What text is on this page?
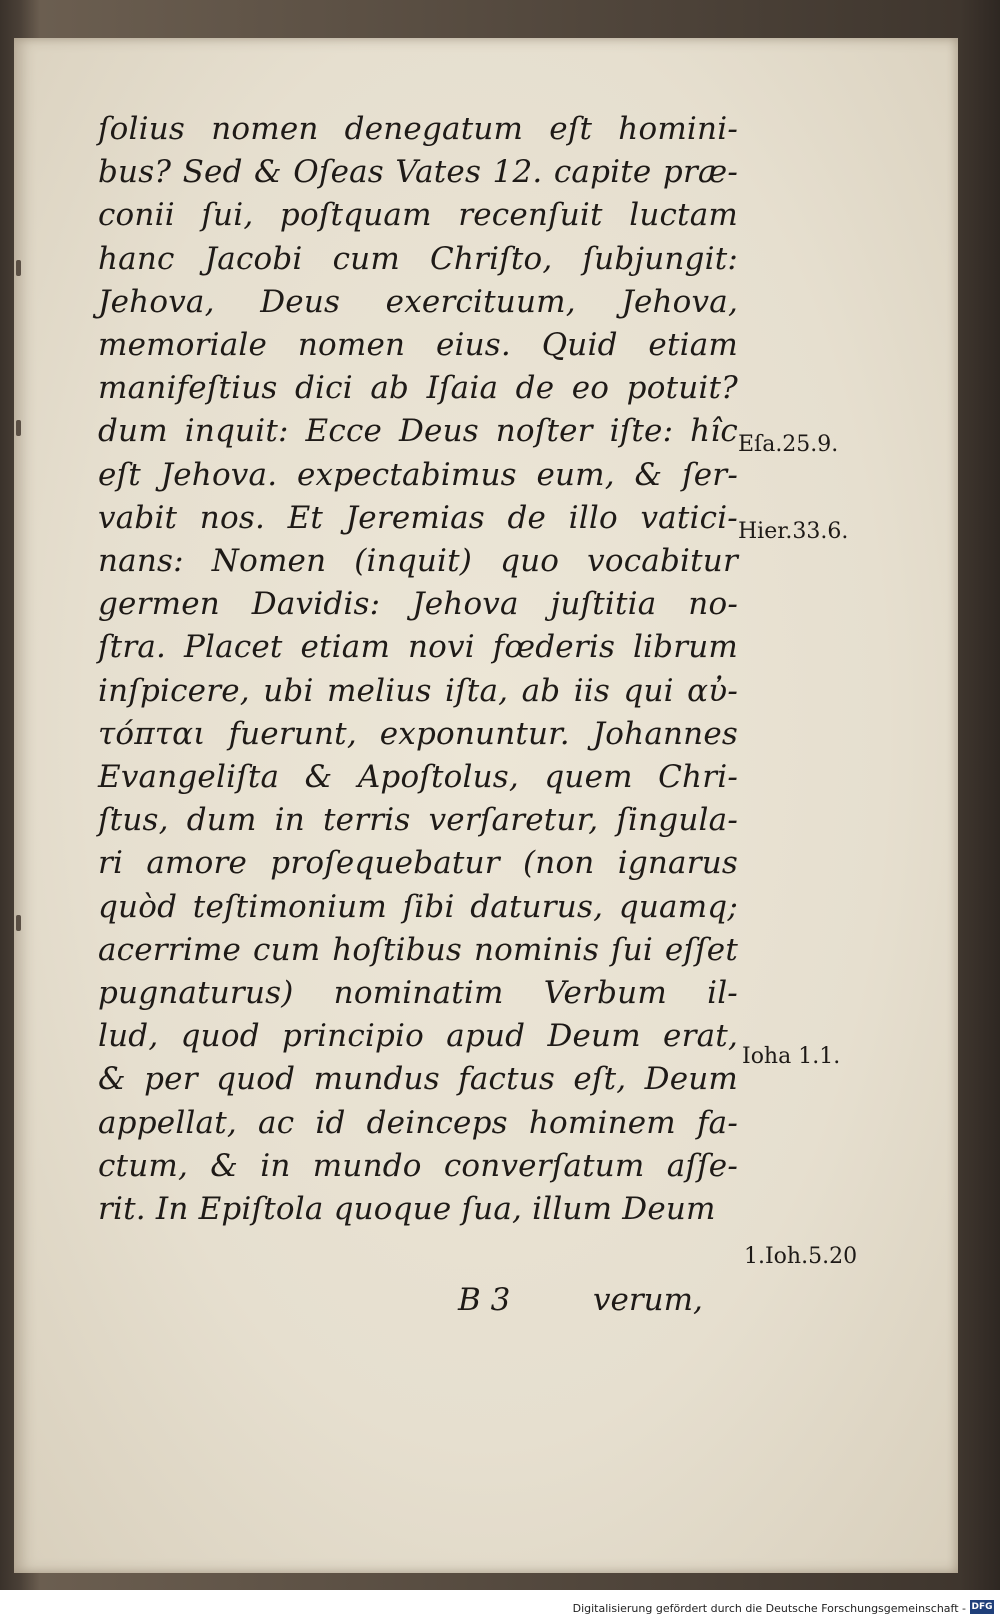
ſolius nomen denegatum eſt homini-
bus? Sed & Oſeas Vates 12. capite præ-
conii ſui, poſtquam recenſuit luctam
hanc Jacobi cum Chriſto, ſubjungit:
Jehova, Deus exercituum, Jehova,
memoriale nomen eius. Quid etiam
manifeſtius dici ab Iſaia de eo potuit?
dum inquit: Ecce Deus noſter iſte: hîc
eſt Jehova. expectabimus eum, & ſer-
vabit nos. Et Jeremias de illo vatici-
nans: Nomen (inquit) quo vocabitur
germen Davidis: Jehova juſtitia no-
ſtra. Placet etiam novi fœderis librum
inſpicere, ubi melius iſta, ab iis qui αὐ-
τόπται fuerunt, exponuntur. Johannes
Evangeliſta & Apoſtolus, quem Chri-
ſtus, dum in terris verſaretur, ſingula-
ri amore proſequebatur (non ignarus
quòd teſtimonium ſibi daturus, quamq;
acerrime cum hoſtibus nominis ſui eſſet
pugnaturus) nominatim Verbum il-
lud, quod principio apud Deum erat,
& per quod mundus factus eſt, Deum
appellat, ac id deinceps hominem fa-
ctum, & in mundo converſatum aſſe-
rit. In Epiſtola quoque ſua, illum Deum
Eſa.25.9.
Hier.33.6.
Ioha 1.1.
1.Ioh.5.20
B 3	verum,
Digitalisierung gefördert durch die Deutsche Forschungsgemeinschaft - DFG
